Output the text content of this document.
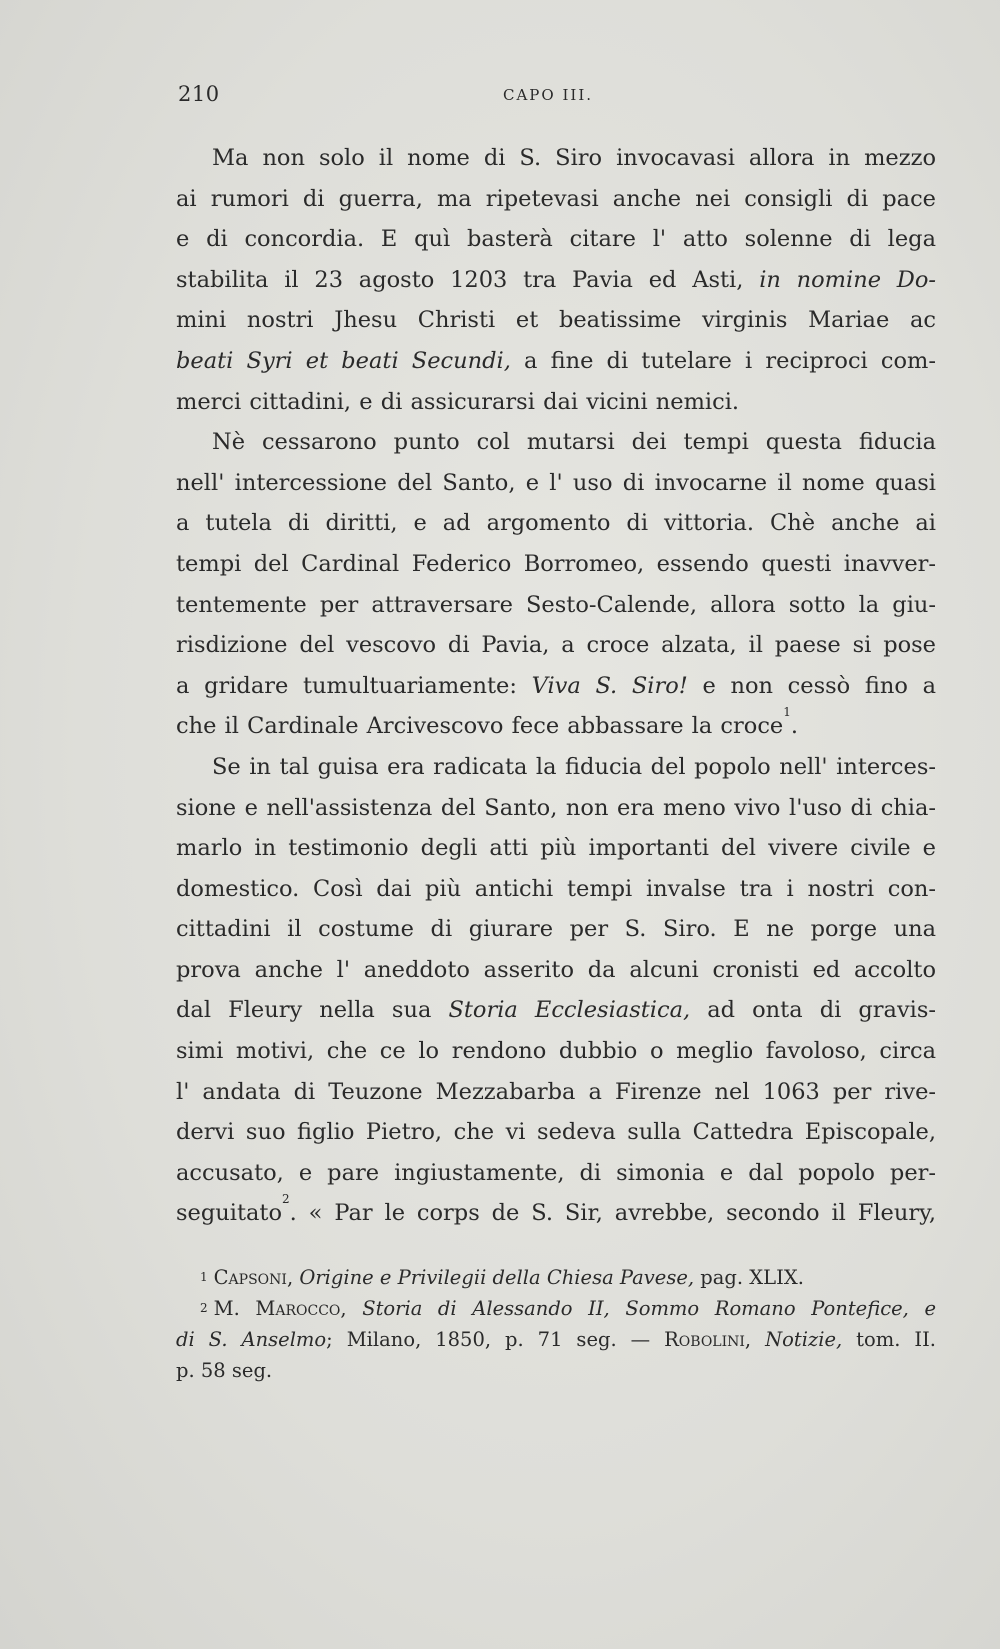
210	CAPO III.
Ma non solo il nome di S. Siro invocavasi allora in mezzo
ai rumori di guerra, ma ripetevasi anche nei consigli di pace
e di concordia. E quì basterà citare l' atto solenne di lega
stabilita il 23 agosto 1203 tra Pavia ed Asti, in nomine Do-
mini nostri Jhesu Christi et beatissime virginis Mariae ac
beati Syri et beati Secundi, a fine di tutelare i reciproci com-
merci cittadini, e di assicurarsi dai vicini nemici.
Nè cessarono punto col mutarsi dei tempi questa fiducia
nell' intercessione del Santo, e l' uso di invocarne il nome quasi
a tutela di diritti, e ad argomento di vittoria. Chè anche ai
tempi del Cardinal Federico Borromeo, essendo questi inavver-
tentemente per attraversare Sesto-Calende, allora sotto la giu-
risdizione del vescovo di Pavia, a croce alzata, il paese si pose
a gridare tumultuariamente: Viva S. Siro! e non cessò fino a
che il Cardinale Arcivescovo fece abbassare la croce$^1$.
Se in tal guisa era radicata la fiducia del popolo nell' interces-
sione e nell'assistenza del Santo, non era meno vivo l'uso di chia-
marlo in testimonio degli atti più importanti del vivere civile e
domestico. Così dai più antichi tempi invalse tra i nostri con-
cittadini il costume di giurare per S. Siro. E ne porge una
prova anche l' aneddoto asserito da alcuni cronisti ed accolto
dal Fleury nella sua Storia Ecclesiastica, ad onta di gravis-
simi motivi, che ce lo rendono dubbio o meglio favoloso, circa
l' andata di Teuzone Mezzabarba a Firenze nel 1063 per rive-
dervi suo figlio Pietro, che vi sedeva sulla Cattedra Episcopale,
accusato, e pare ingiustamente, di simonia e dal popolo per-
seguitato$^2$. « Par le corps de S. Sir, avrebbe, secondo il Fleury,
$^1$ Capsoni, Origine e Privilegii della Chiesa Pavese, pag. XLIX.
$^2$ M. Marocco, Storia di Alessando II, Sommo Romano Pontefice, e
di S. Anselmo; Milano, 1850, p. 71 seg. — Robolini, Notizie, tom. II.
p. 58 seg.
